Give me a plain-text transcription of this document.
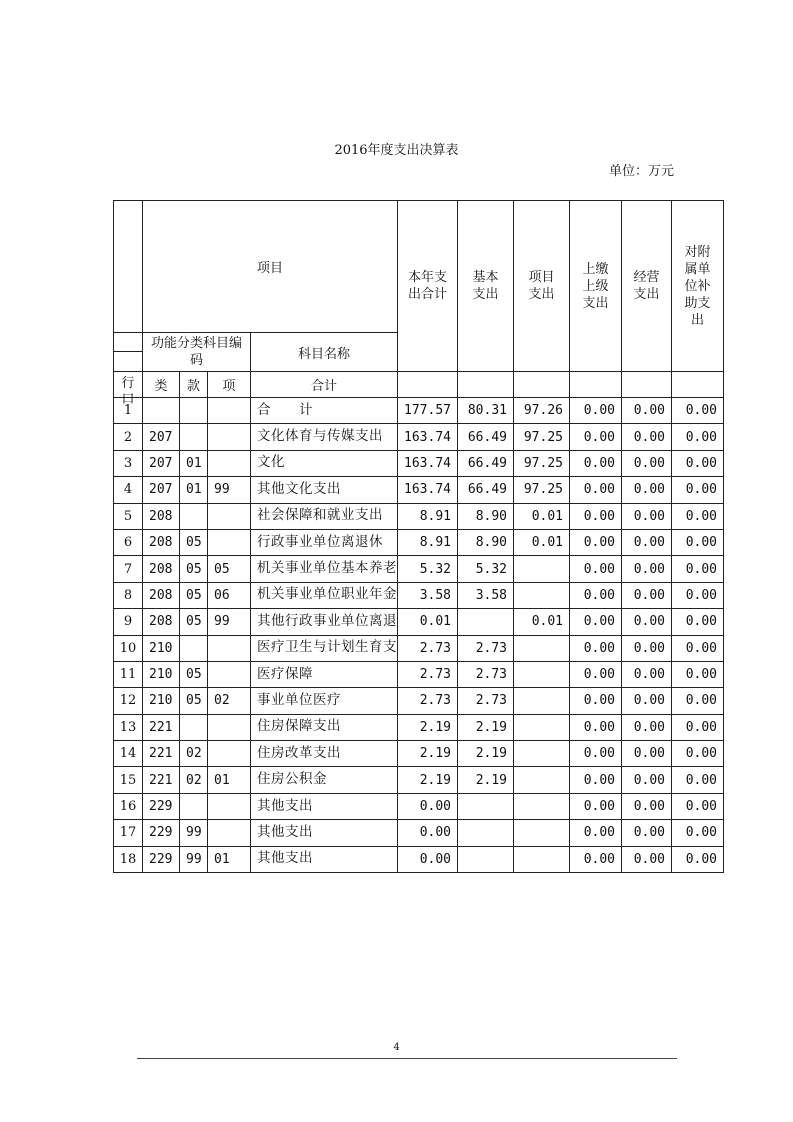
2016年度支出决算表
单位：万元
	项目				本年支出合计	基本支出	项目支出	上缴上级支出	经营支出	对附属单位补助支出
	功能分类科目编码			科目名称						

行口	类	款	项	合计						
1				合　　计	177.57	80.31	97.26	0.00	0.00	0.00
2	207			文化体育与传媒支出	163.74	66.49	97.25	0.00	0.00	0.00
3	207	01		文化	163.74	66.49	97.25	0.00	0.00	0.00
4	207	01	99	其他文化支出	163.74	66.49	97.25	0.00	0.00	0.00
5	208			社会保障和就业支出	8.91	8.90	0.01	0.00	0.00	0.00
6	208	05		行政事业单位离退休	8.91	8.90	0.01	0.00	0.00	0.00
7	208	05	05	机关事业单位基本养老	5.32	5.32		0.00	0.00	0.00
8	208	05	06	机关事业单位职业年金	3.58	3.58		0.00	0.00	0.00
9	208	05	99	其他行政事业单位离退	0.01		0.01	0.00	0.00	0.00
10	210			医疗卫生与计划生育支	2.73	2.73		0.00	0.00	0.00
11	210	05		医疗保障	2.73	2.73		0.00	0.00	0.00
12	210	05	02	事业单位医疗	2.73	2.73		0.00	0.00	0.00
13	221			住房保障支出	2.19	2.19		0.00	0.00	0.00
14	221	02		住房改革支出	2.19	2.19		0.00	0.00	0.00
15	221	02	01	住房公积金	2.19	2.19		0.00	0.00	0.00
16	229			其他支出	0.00			0.00	0.00	0.00
17	229	99		其他支出	0.00			0.00	0.00	0.00
18	229	99	01	其他支出	0.00			0.00	0.00	0.00
4
